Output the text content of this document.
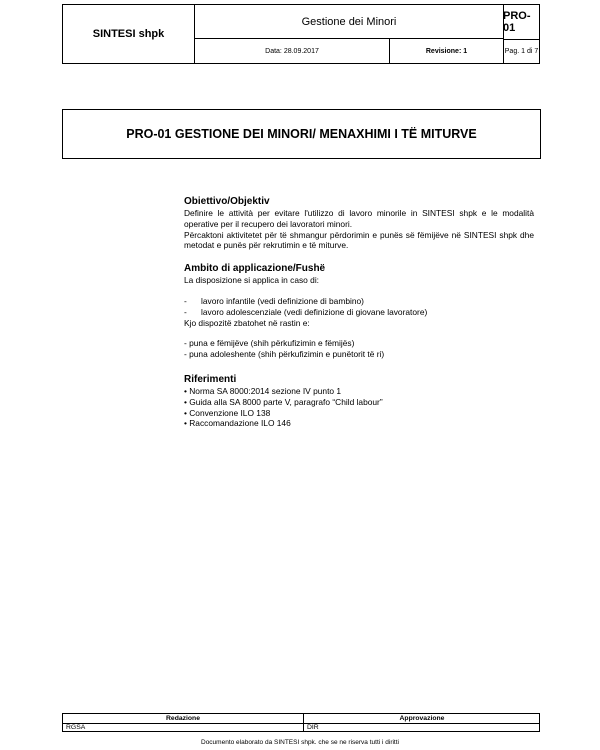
SINTESI shpk
Gestione dei Minori	PRO-01
Data: 28.09.2017	Revisione: 1	Pag. 1 di 7
PRO-01 GESTIONE DEI MINORI/ MENAXHIMI I TË MITURVE
Obiettivo/Objektiv
Definire le attività per evitare l'utilizzo di lavoro minorile in SINTESI shpk e le modalità operative per il recupero dei lavoratori minori.
Përcaktoni aktivitetet për të shmangur përdorimin e punës së fëmijëve në SINTESI shpk dhe metodat e punës për rekrutimin e të miturve.
Ambito di applicazione/Fushë
La disposizione si applica in caso di:
-	lavoro infantile (vedi definizione di bambino)
-	lavoro adolescenziale (vedi definizione di giovane lavoratore)
Kjo dispozitë zbatohet në rastin e:
- puna e fëmijëve (shih përkufizimin e fëmijës)
- puna adoleshente (shih përkufizimin e punëtorit të ri)
Riferimenti
• Norma SA 8000:2014 sezione IV punto 1
• Guida alla SA 8000 parte V, paragrafo “Child labour”
• Convenzione ILO 138
• Raccomandazione ILO 146
Redazione	Approvazione
RGSA	DIR
Documento elaborato da SINTESI shpk. che se ne riserva tutti i diritti
